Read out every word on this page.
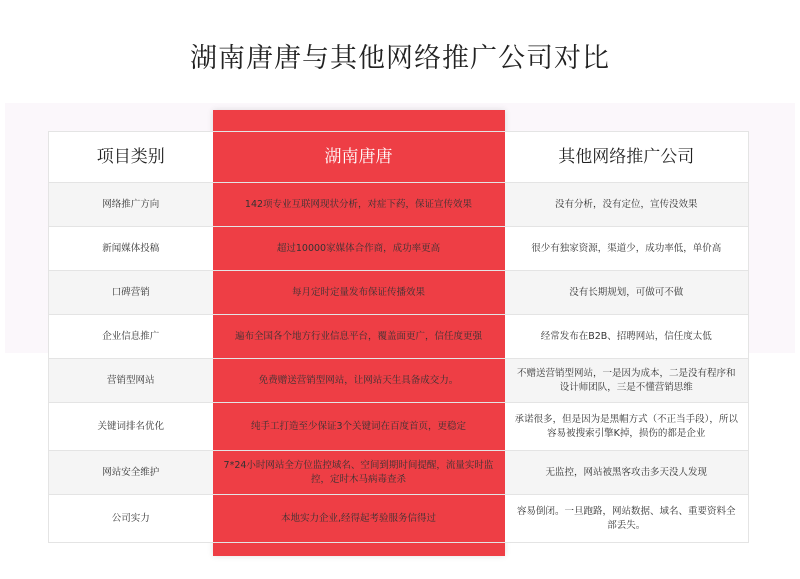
湖南唐唐与其他网络推广公司对比
项目类别	湖南唐唐	其他网络推广公司
网络推广方向	142项专业互联网现状分析，对症下药，保证宣传效果	没有分析，没有定位，宣传没效果
新闻媒体投稿	超过10000家媒体合作商，成功率更高	很少有独家资源，渠道少，成功率低，单价高
口碑营销	每月定时定量发布保证传播效果	没有长期规划，可做可不做
企业信息推广	遍布全国各个地方行业信息平台，覆盖面更广，信任度更强	经常发布在B2B、招聘网站，信任度太低
营销型网站	免费赠送营销型网站，让网站天生具备成交力。	不赠送营销型网站，一是因为成本，二是没有程序和设计师团队，三是不懂营销思维
关键词排名优化	纯手工打造至少保证3个关键词在百度首页，更稳定	承诺很多，但是因为是黑帽方式（不正当手段），所以容易被搜索引擎K掉，损伤的都是企业
网站安全维护	7*24小时网站全方位监控域名、空间到期时间提醒，流量实时监控，定时木马病毒查杀	无监控，网站被黑客攻击多天没人发现
公司实力	本地实力企业,经得起考验服务信得过	容易倒闭。一旦跑路，网站数据、域名、重要资料全部丢失。
